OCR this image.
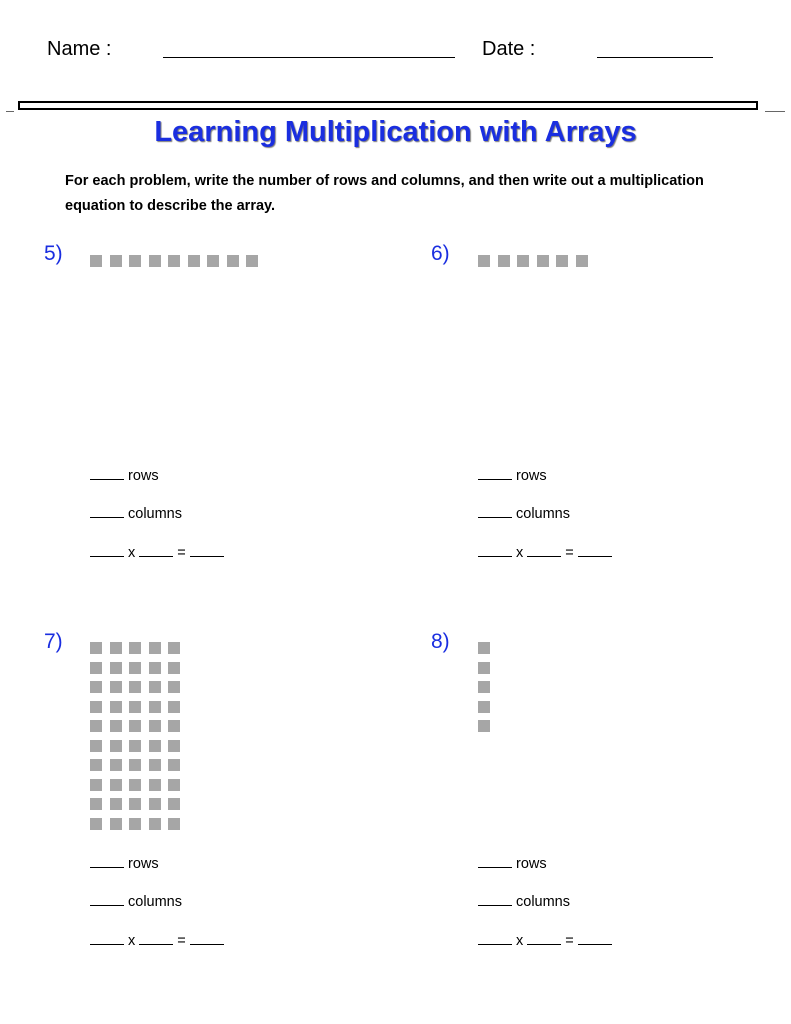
Name :	Date :
Learning Multiplication with Arrays
For each problem, write the number of rows and columns, and then write out a multiplication equation to describe the array.
5)
rows
columns
x	=
6)
rows
columns
x	=
7)
rows
columns
x	=
8)
rows
columns
x	=
